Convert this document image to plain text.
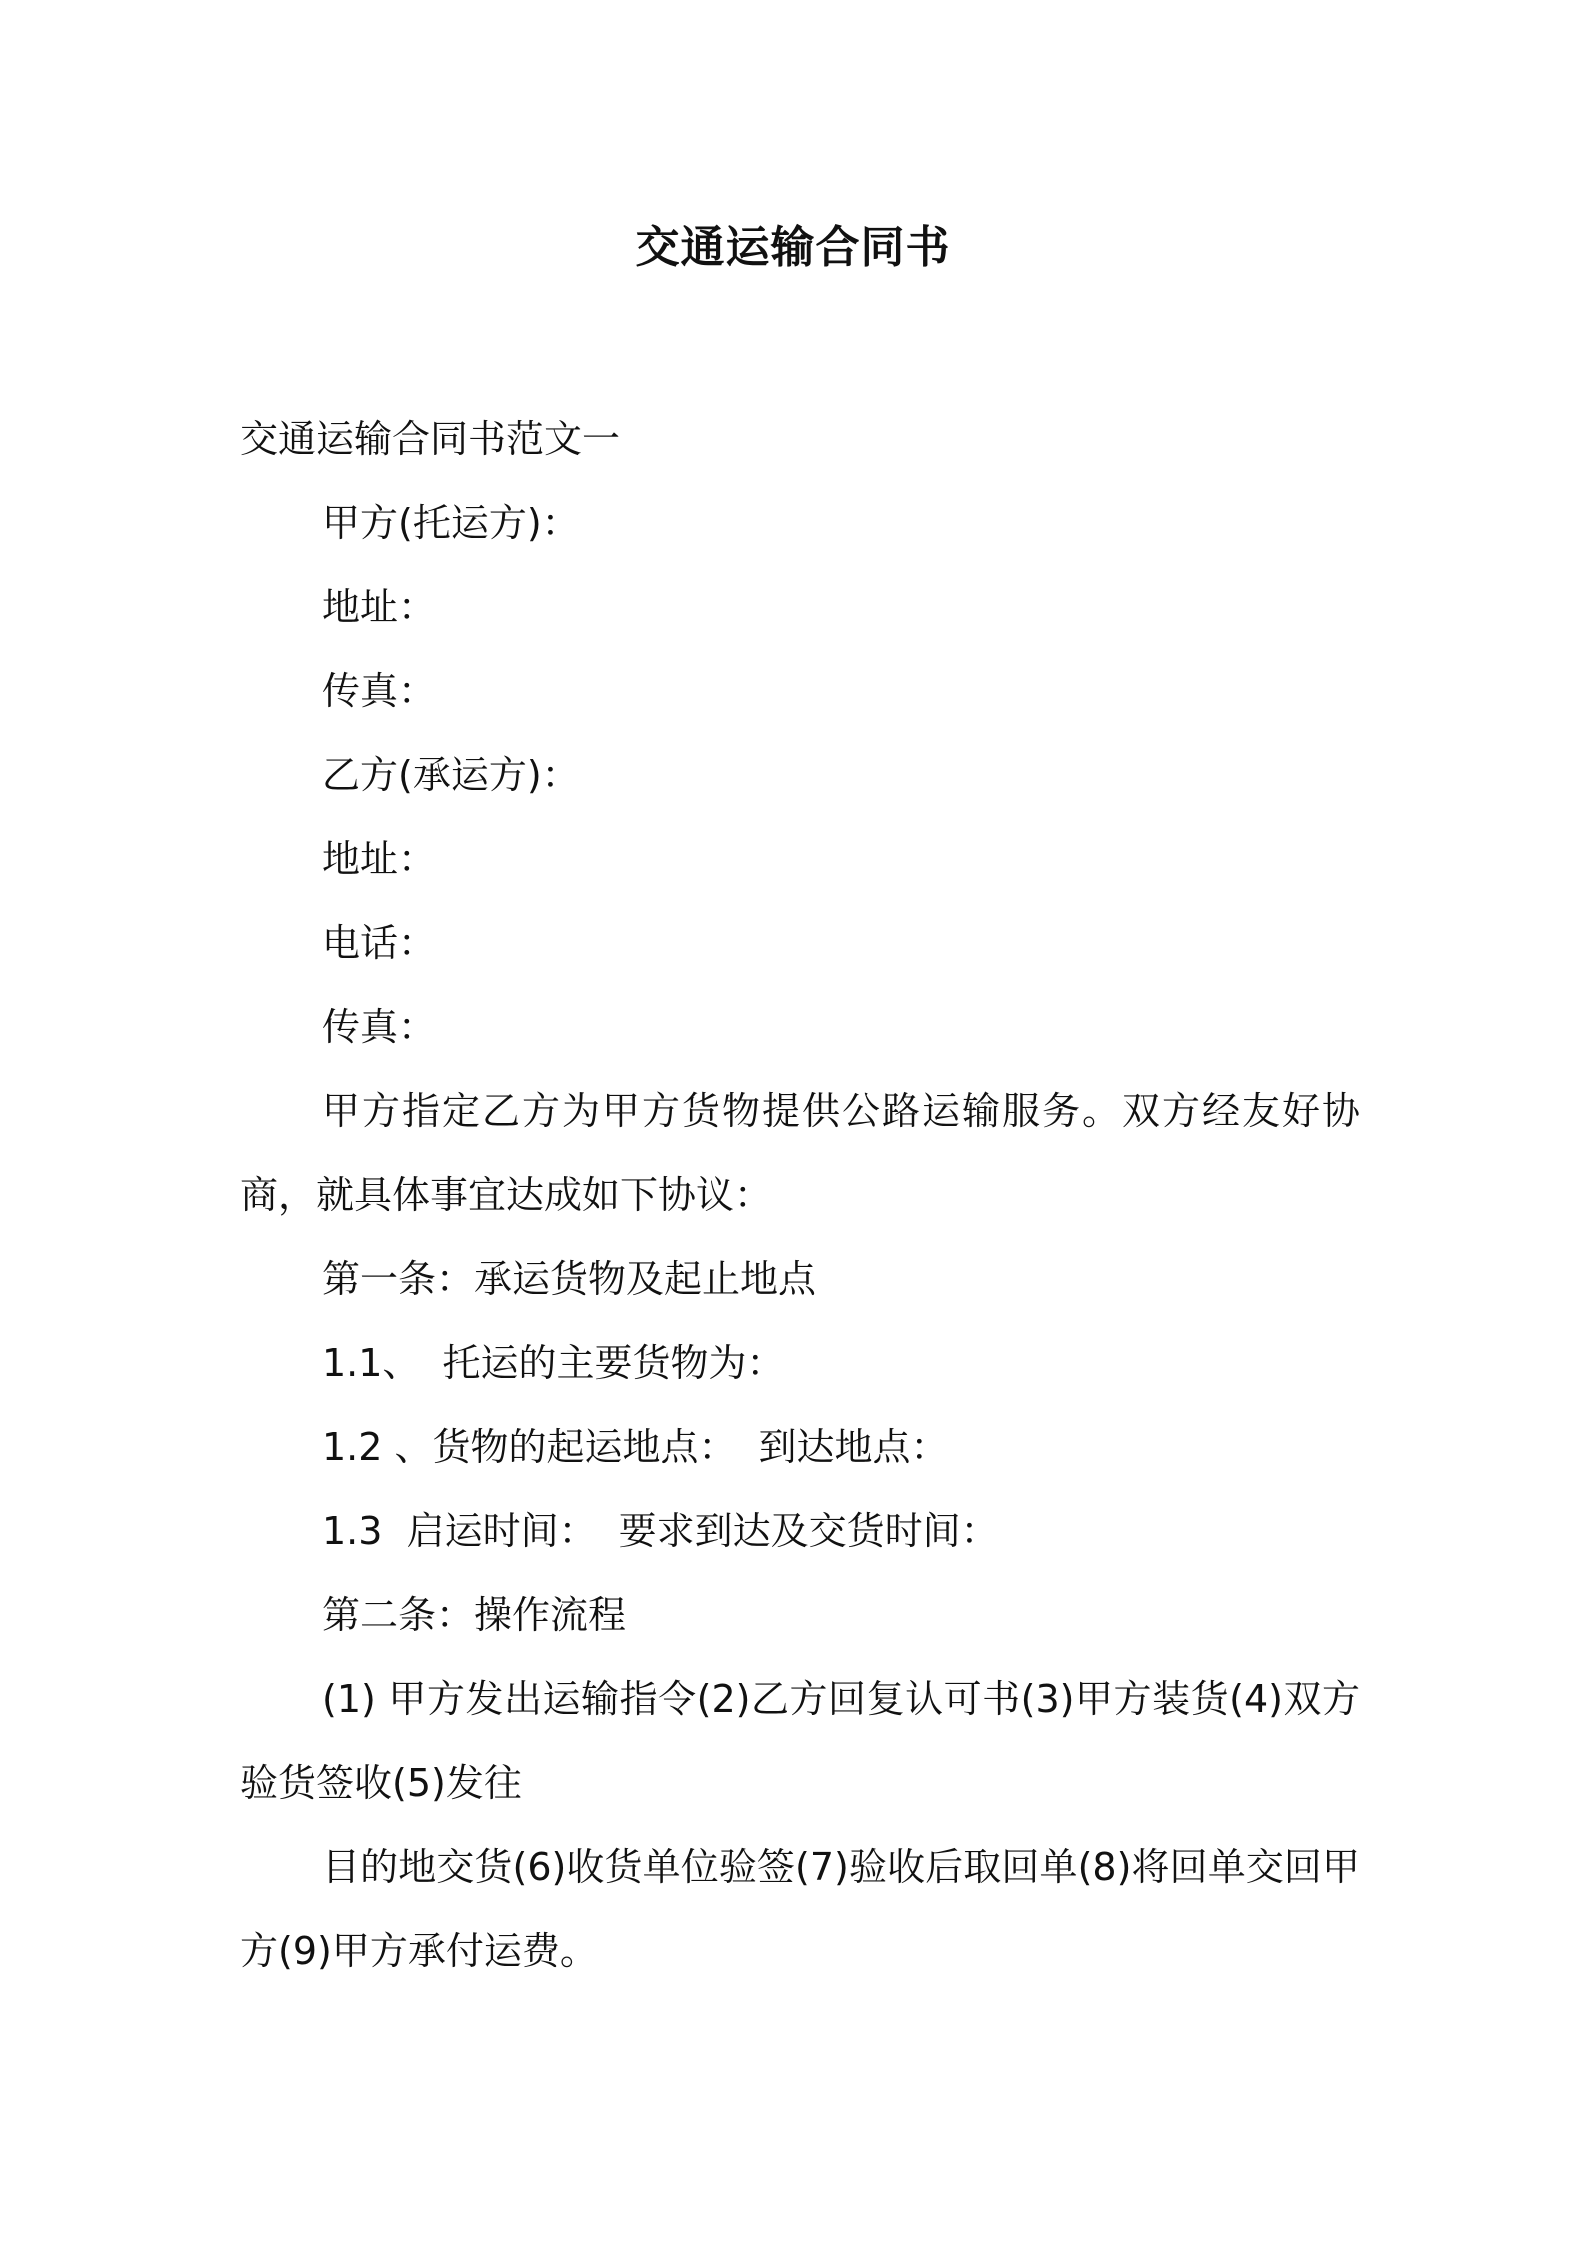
交通运输合同书
交通运输合同书范文一
甲方(托运方)：
地址：
传真：
乙方(承运方)：
地址：
电话：
传真：
甲方指定乙方为甲方货物提供公路运输服务。双方经友好协商，就具体事宜达成如下协议：
第一条：承运货物及起止地点
1.1、 托运的主要货物为：
1.2 、货物的起运地点： 到达地点：
1.3 启运时间： 要求到达及交货时间：
第二条：操作流程
(1) 甲方发出运输指令(2)乙方回复认可书(3)甲方装货(4)双方验货签收(5)发往
目的地交货(6)收货单位验签(7)验收后取回单(8)将回单交回甲方(9)甲方承付运费。
